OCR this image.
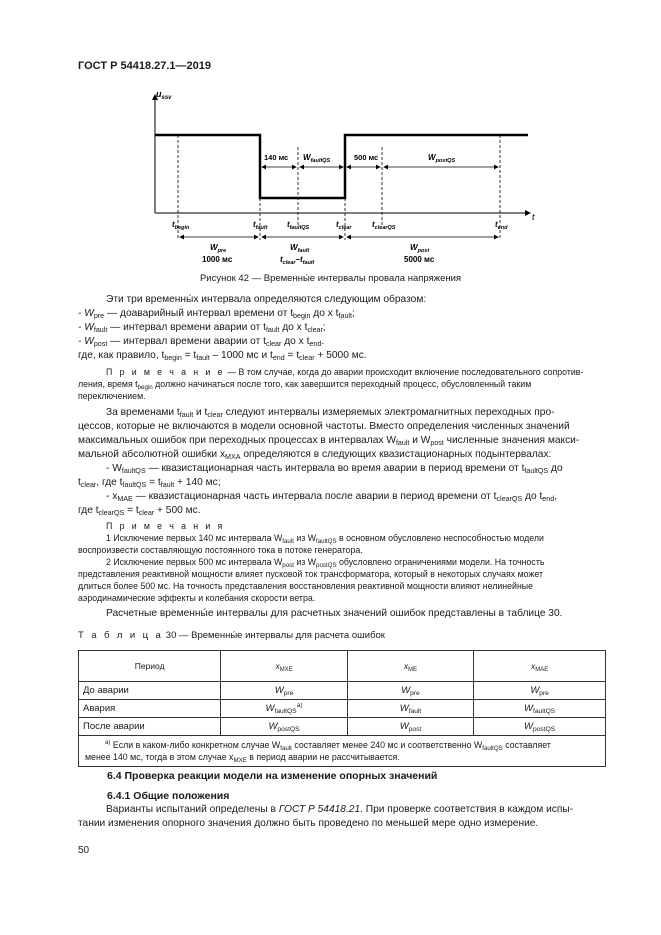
ГОСТ Р 54418.27.1—2019
$u_{ssv}$
t
140 мс $W_{faultQS}$	500 мс	$W_{postQS}$
$t_{begin}$	$t_{fault}$ $t_{faultQS}$	$t_{clear}$	$t_{clearQS}$	$t_{end}$
$W_{pre}$
1000 мс
$W_{fault}$
$t_{clear}-t_{fault}$
$W_{post}$
5000 мс
Рисунок 42 — Временны́е интервалы провала напряжения
Эти три временны́х интервала определяются следующим образом:
- $W_{pre}$ — доаварийный интервал времени от $t_{begin}$ до x $t_{fault}$;
- $W_{fault}$ — интервал времени аварии от $t_{fault}$ до x $t_{clear}$;
- $W_{post}$ — интервал времени аварии от $t_{clear}$ до x $t_{end}$.
где, как правило, $t_{begin} = t_{fault} - 1000$ мс и $t_{end} = t_{clear} + 5000$ мс.
П р и м е ч а н и е — В том случае, когда до аварии происходит включение последовательного сопротив-
ления, время $t_{begin}$ должно начинаться после того, как завершится переходный процесс, обусловленный таким
переключением.
За временами $t_{fault}$ и $t_{clear}$ следуют интервалы измеряемых электромагнитных переходных про-
цессов, которые не включаются в модели основной частоты. Вместо определения численных значений
максимальных ошибок при переходных процессах в интервалах $W_{fault}$ и $W_{post}$ численные значения макси-
мальной абсолютной ошибки $x_{MXA}$ определяются в следующих квазистационарных подынтервалах:
- $W_{faultQS}$ — квазистационарная часть интервала во время аварии в период времени от $t_{faultQS}$ до
$t_{clear}$, где $t_{faultQS} = t_{fault} + 140$ мс;
- $x_{MAE}$ — квазистационарная часть интервала после аварии в период времени от $t_{clearQS}$ до $t_{end}$,
где $t_{clearQS} = t_{clear} + 500$ мс.
П р и м е ч а н и я
1 Исключение первых 140 мс интервала $W_{fault}$ из $W_{faultQS}$ в основном обусловлено неспособностью модели
воспроизвести составляющую постоянного тока в потоке генератора.
2 Исключение первых 500 мс интервала $W_{post}$ из $W_{postQS}$ обусловлено ограничениями модели. На точность
представления реактивной мощности влияет пусковой ток трансформатора, который в некоторых случаях может
длиться более 500 мс. На точность представления восстановления реактивной мощности влияют нелинейные
аэродинамические эффекты и колебания скорости ветра.
Расчетные временны́е интервалы для расчетных значений ошибок представлены в таблице 30.
Т а б л и ц а 30 — Временны́е интервалы для расчета ошибок
Период	$x_{MXE}$	$x_{ME}$	$x_{MAE}$
До аварии	$W_{pre}$	$W_{pre}$	$W_{pre}$
Авария	$W_{faultQS}^{a)}$	$W_{fault}$	$W_{faultQS}$
После аварии	$W_{postQS}$	$W_{post}$	$W_{postQS}$

$^{a)}$ Если в каком-либо конкретном случае $W_{fault}$ составляет менее 240 мс и соответственно $W_{faultQS}$ составляет
менее 140 мс, тогда в этом случае $x_{MXE}$ в период аварии не рассчитывается.			
6.4 Проверка реакции модели на изменение опорных значений
6.4.1 Общие положения
Варианты испытаний определены в ГОСТ Р 54418.21. При проверке соответствия в каждом испы-
тании изменения опорного значения должно быть проведено по меньшей мере одно измерение.
50
